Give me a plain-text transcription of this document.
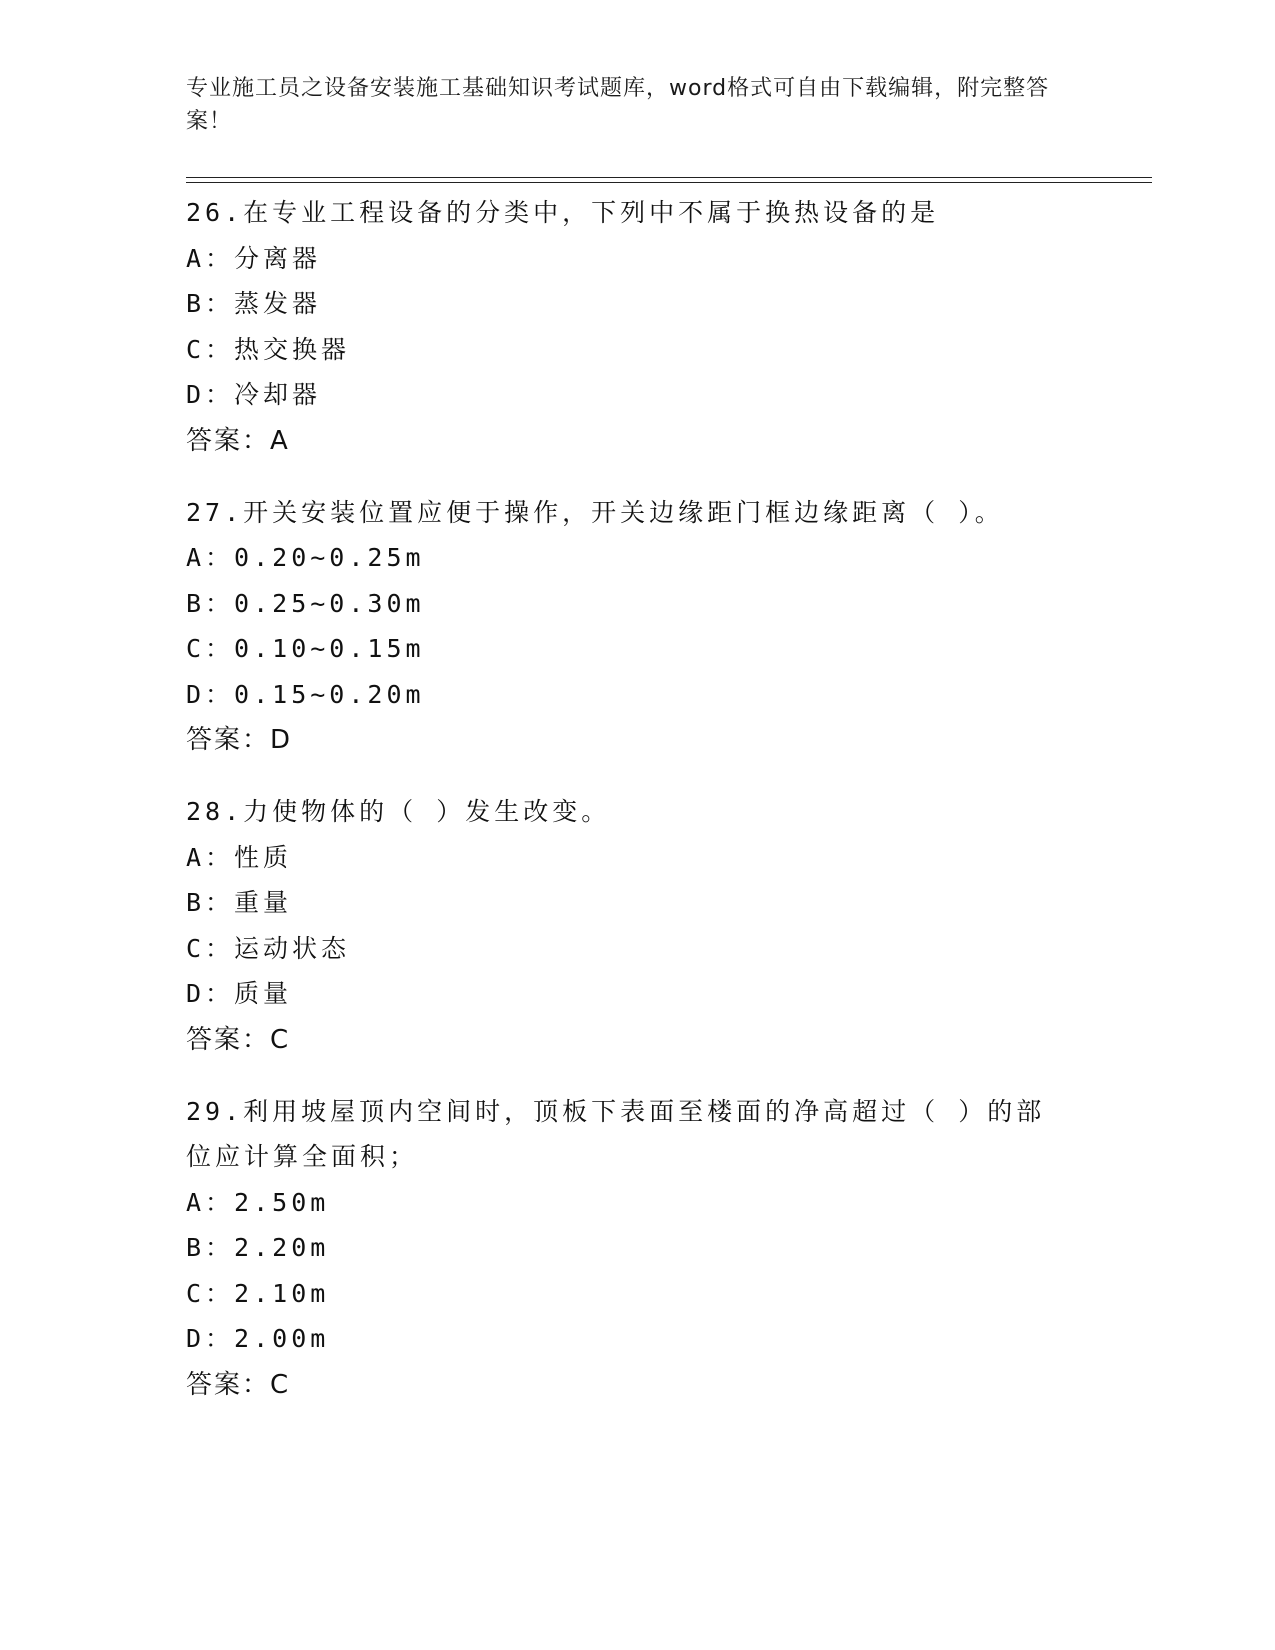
专业施工员之设备安装施工基础知识考试题库，word格式可自由下载编辑，附完整答案！
26.在专业工程设备的分类中，下列中不属于换热设备的是
A：分离器
B：蒸发器
C：热交换器
D：冷却器
答案：A
27.开关安装位置应便于操作，开关边缘距门框边缘距离（ ）。
A：0.20~0.25m
B：0.25~0.30m
C：0.10~0.15m
D：0.15~0.20m
答案：D
28.力使物体的（ ）发生改变。
A：性质
B：重量
C：运动状态
D：质量
答案：C
29.利用坡屋顶内空间时，顶板下表面至楼面的净高超过（ ）的部位应计算全面积；
A：2.50m
B：2.20m
C：2.10m
D：2.00m
答案：C
